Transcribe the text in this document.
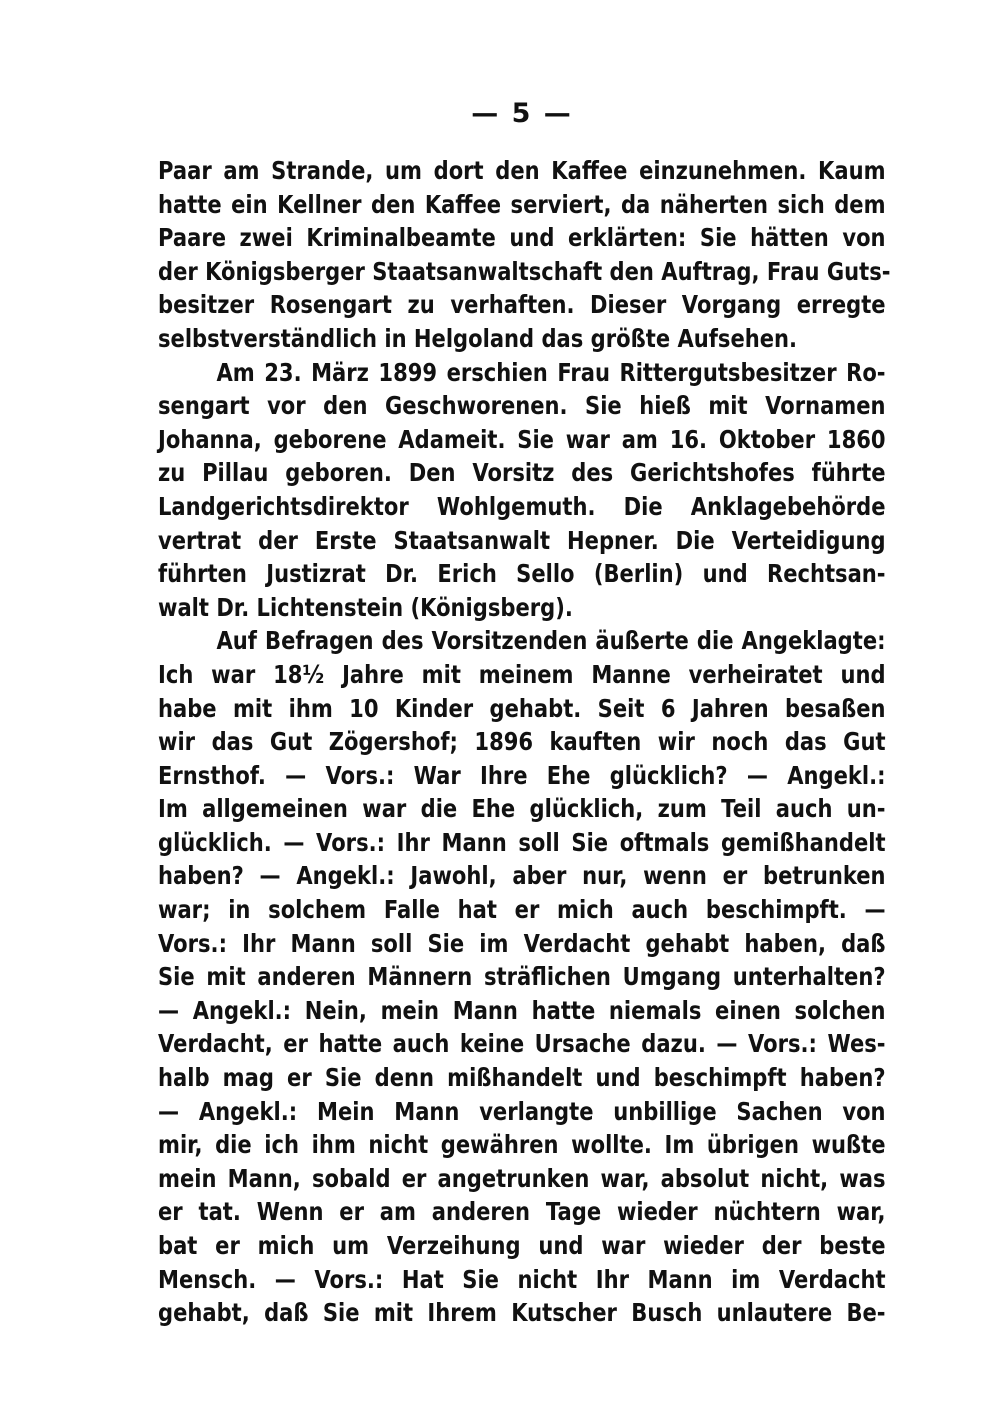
— 5 —
Paar am Strande, um dort den Kaffee einzunehmen. Kaum
hatte ein Kellner den Kaffee serviert, da näherten sich dem
Paare zwei Kriminalbeamte und erklärten: Sie hätten von
der Königsberger Staatsanwaltschaft den Auftrag, Frau Guts-
besitzer Rosengart zu verhaften. Dieser Vorgang erregte
selbstverständlich in Helgoland das größte Aufsehen.
Am 23. März 1899 erschien Frau Rittergutsbesitzer Ro-
sengart vor den Geschworenen. Sie hieß mit Vornamen
Johanna, geborene Adameit. Sie war am 16. Oktober 1860
zu Pillau geboren. Den Vorsitz des Gerichtshofes führte
Landgerichtsdirektor Wohlgemuth. Die Anklagebehörde
vertrat der Erste Staatsanwalt Hepner. Die Verteidigung
führten Justizrat Dr. Erich Sello (Berlin) und Rechtsan-
walt Dr. Lichtenstein (Königsberg).
Auf Befragen des Vorsitzenden äußerte die Angeklagte:
Ich war 18½ Jahre mit meinem Manne verheiratet und
habe mit ihm 10 Kinder gehabt. Seit 6 Jahren besaßen
wir das Gut Zögershof; 1896 kauften wir noch das Gut
Ernsthof. — Vors.: War Ihre Ehe glücklich? — Angekl.:
Im allgemeinen war die Ehe glücklich, zum Teil auch un-
glücklich. — Vors.: Ihr Mann soll Sie oftmals gemißhandelt
haben? — Angekl.: Jawohl, aber nur, wenn er betrunken
war; in solchem Falle hat er mich auch beschimpft. —
Vors.: Ihr Mann soll Sie im Verdacht gehabt haben, daß
Sie mit anderen Männern sträflichen Umgang unterhalten?
— Angekl.: Nein, mein Mann hatte niemals einen solchen
Verdacht, er hatte auch keine Ursache dazu. — Vors.: Wes-
halb mag er Sie denn mißhandelt und beschimpft haben?
— Angekl.: Mein Mann verlangte unbillige Sachen von
mir, die ich ihm nicht gewähren wollte. Im übrigen wußte
mein Mann, sobald er angetrunken war, absolut nicht, was
er tat. Wenn er am anderen Tage wieder nüchtern war,
bat er mich um Verzeihung und war wieder der beste
Mensch. — Vors.: Hat Sie nicht Ihr Mann im Verdacht
gehabt, daß Sie mit Ihrem Kutscher Busch unlautere Be-
